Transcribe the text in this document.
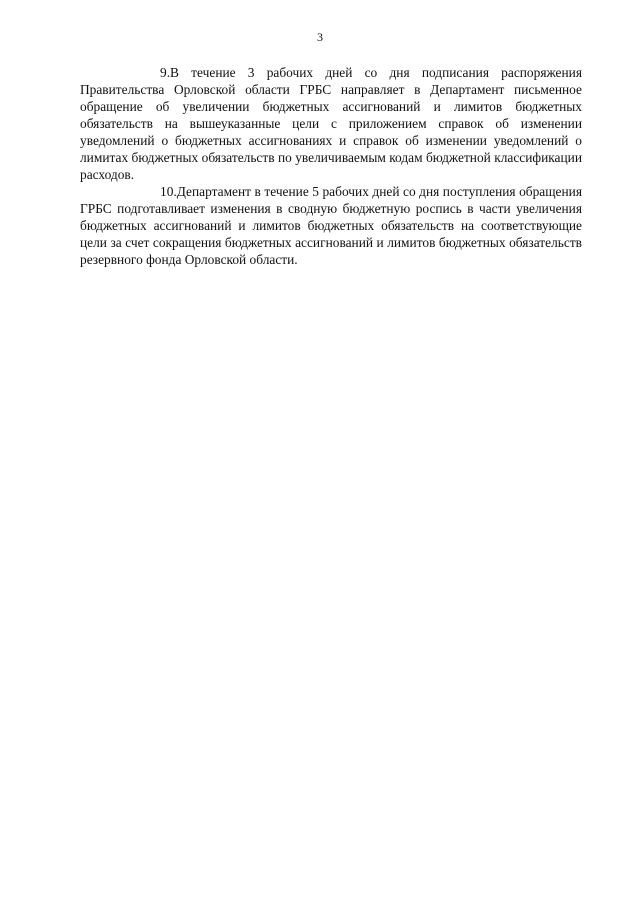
3

9.В течение 3 рабочих дней со дня подписания распоряжения Правительства Орловской области ГРБС направляет в Департамент письменное обращение об увеличении бюджетных ассигнований и лимитов бюджетных обязательств на вышеуказанные цели с приложением справок об изменении уведомлений о бюджетных ассигнованиях и справок об изменении уведомлений о лимитах бюджетных обязательств по увеличиваемым кодам бюджетной классификации расходов.

10.Департамент в течение 5 рабочих дней со дня поступления обращения ГРБС подготавливает изменения в сводную бюджетную роспись в части увеличения бюджетных ассигнований и лимитов бюджетных обязательств на соответствующие цели за счет сокращения бюджетных ассигнований и лимитов бюджетных обязательств резервного фонда Орловской области.
